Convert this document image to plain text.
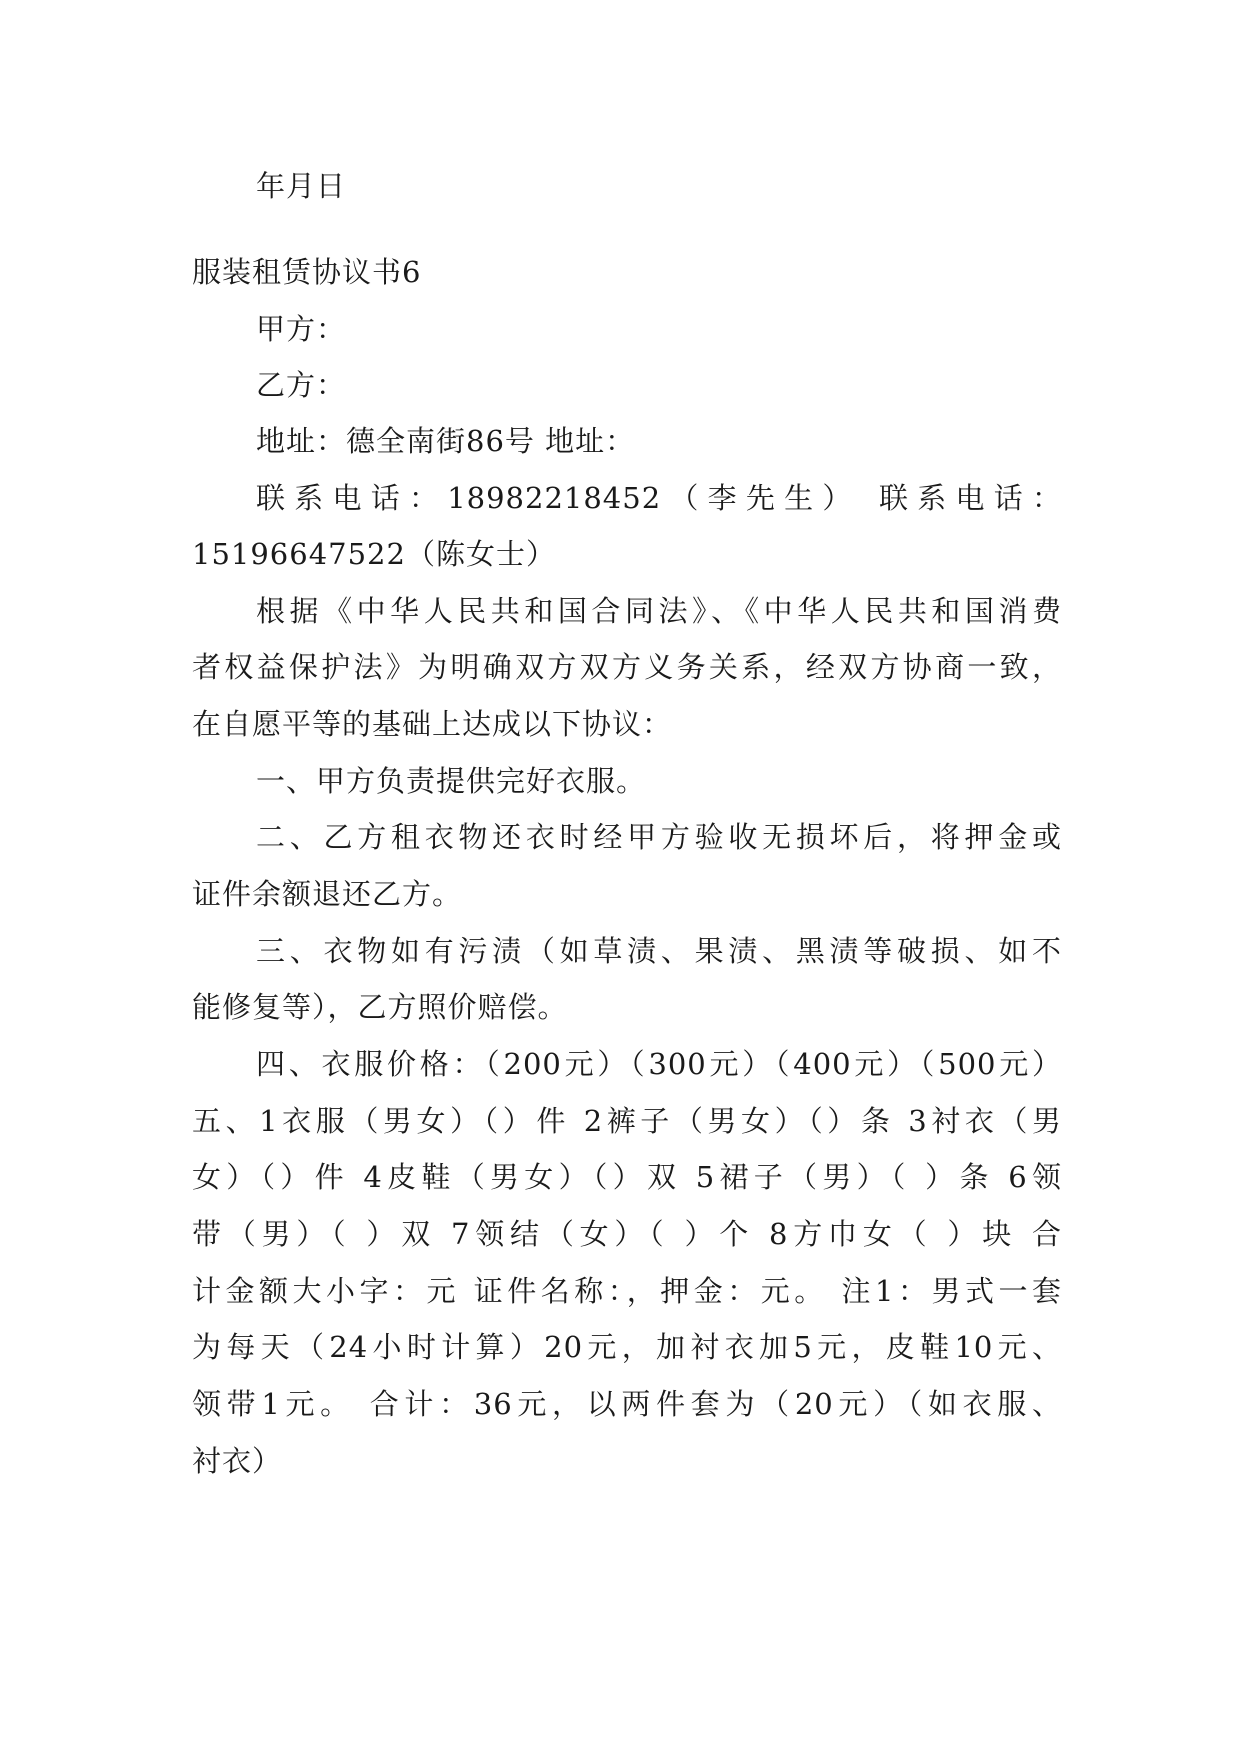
年月日
服装租赁协议书6
甲方：
乙方：
地址：德全南街86号 地址：
联系电话：18982218452（李先生） 联系电话：
15196647522（陈女士）
根据《中华人民共和国合同法》、《中华人民共和国消费
者权益保护法》为明确双方双方义务关系，经双方协商一致，
在自愿平等的基础上达成以下协议：
一、甲方负责提供完好衣服。
二、乙方租衣物还衣时经甲方验收无损坏后，将押金或
证件余额退还乙方。
三、衣物如有污渍（如草渍、果渍、黑渍等破损、如不
能修复等），乙方照价赔偿。
四、衣服价格：（200元）（300元）（400元）（500元）
五、1衣服（男女）（）件 2裤子（男女）（）条 3衬衣（男
女）（）件 4皮鞋（男女）（）双 5裙子（男）（ ）条 6领
带（男）（ ）双 7领结（女）（ ）个 8方巾女（ ）块 合
计金额大小字：元 证件名称：，押金：元。 注1：男式一套
为每天（24小时计算）20元，加衬衣加5元，皮鞋10元、
领带1元。 合计：36元，以两件套为（20元）（如衣服、
衬衣）
